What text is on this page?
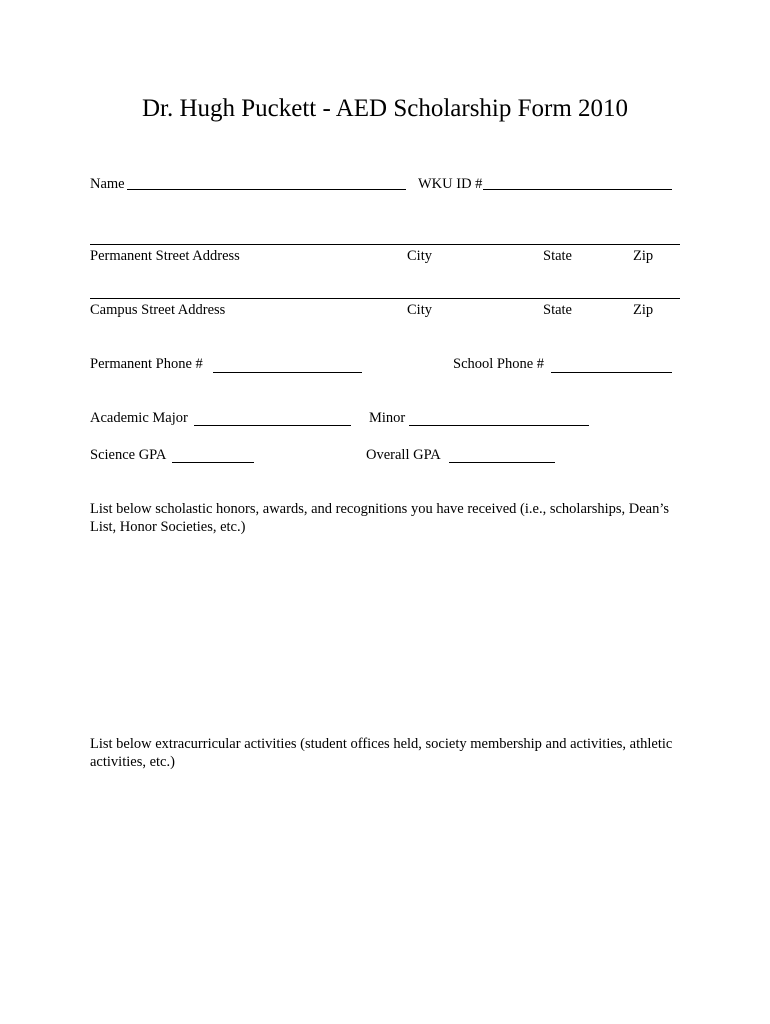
Dr. Hugh Puckett - AED Scholarship Form 2010
Name	WKU ID #
Permanent Street Address	City	State	Zip
Campus Street Address	City	State	Zip
Permanent Phone #	School Phone #
Academic Major	Minor
Science GPA	Overall GPA
List below scholastic honors, awards, and recognitions you have received (i.e., scholarships, Dean’s List, Honor Societies, etc.)
List below extracurricular activities (student offices held, society membership and activities, athletic activities, etc.)
